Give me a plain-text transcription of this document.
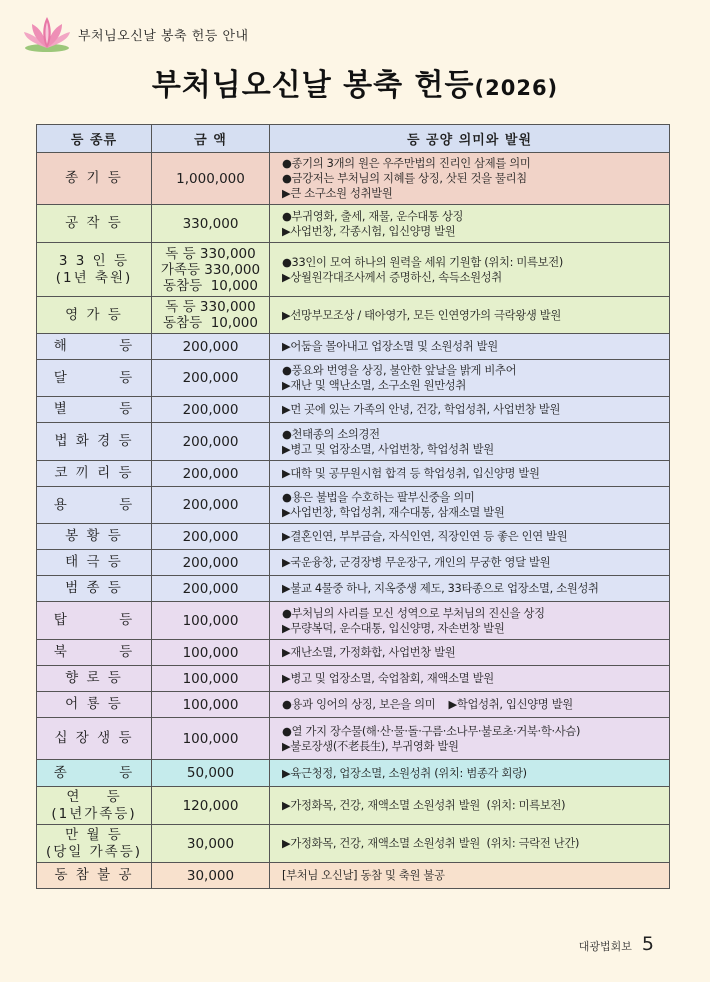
부처님오신날 봉축 헌등 안내
부처님오신날 봉축 헌등(2026)
등 종류	금 액	등 공양 의미와 발원
종 기 등	1,000,000	●종기의 3개의 원은 우주만법의 진리인 삼제를 의미
●금강저는 부처님의 지혜를 상징, 삿된 것을 물리침
▶큰 소구소원 성취발원
공 작 등	330,000	●부귀영화, 출세, 재물, 운수대통 상징
▶사업번창, 각종시험, 입신양명 발원
3 3 인 등
(1년 축원)	독 등 330,000
가족등 330,000
동참등  10,000	●33인이 모여 하나의 원력을 세워 기원함 (위치: 미륵보전)
▶상월원각대조사께서 증명하신, 속득소원성취
영 가 등	독 등 330,000
동참등  10,000	▶선망부모조상 / 태아영가, 모든 인연영가의 극락왕생 발원
해        등	200,000	▶어둠을 몰아내고 업장소멸 및 소원성취 발원
달        등	200,000	●풍요와 번영을 상징, 불안한 앞날을 밝게 비추어
▶재난 및 액난소멸, 소구소원 원만성취
별        등	200,000	▶먼 곳에 있는 가족의 안녕, 건강, 학업성취, 사업번창 발원
법 화 경 등	200,000	●천태종의 소의경전
▶병고 및 업장소멸, 사업번창, 학업성취 발원
코 끼 리 등	200,000	▶대학 및 공무원시험 합격 등 학업성취, 입신양명 발원
용        등	200,000	●용은 불법을 수호하는 팔부신중을 의미
▶사업번창, 학업성취, 재수대통, 삼재소멸 발원
봉 황 등	200,000	▶결혼인연, 부부금슬, 자식인연, 직장인연 등 좋은 인연 발원
태 극 등	200,000	▶국운융창, 군경장병 무운장구, 개인의 무궁한 영달 발원
범 종 등	200,000	▶불교 4물중 하나, 지옥중생 제도, 33타종으로 업장소멸, 소원성취
탑        등	100,000	●부처님의 사리를 모신 성역으로 부처님의 진신을 상징
▶무량복덕, 운수대통, 입신양명, 자손번창 발원
북        등	100,000	▶재난소멸, 가정화합, 사업번창 발원
향 로 등	100,000	▶병고 및 업장소멸, 숙업참회, 재액소멸 발원
어 룡 등	100,000	●용과 잉어의 상징, 보은을 의미    ▶학업성취, 입신양명 발원
십 장 생 등	100,000	●열 가지 장수물(해·산·물·돌·구름·소나무·불로초·거북·학·사슴)
▶불로장생(不老長生), 부귀영화 발원
종        등	50,000	▶육근청정, 업장소멸, 소원성취 (위치: 범종각 회랑)
연    등
(1년가족등)	120,000	▶가정화목, 건강, 재액소멸 소원성취 발원  (위치: 미륵보전)
만 월 등
(당일 가족등)	30,000	▶가정화목, 건강, 재액소멸 소원성취 발원  (위치: 극락전 난간)
동 참 불 공	30,000	[부처님 오신날] 동참 및 축원 불공
대광법회보 5
